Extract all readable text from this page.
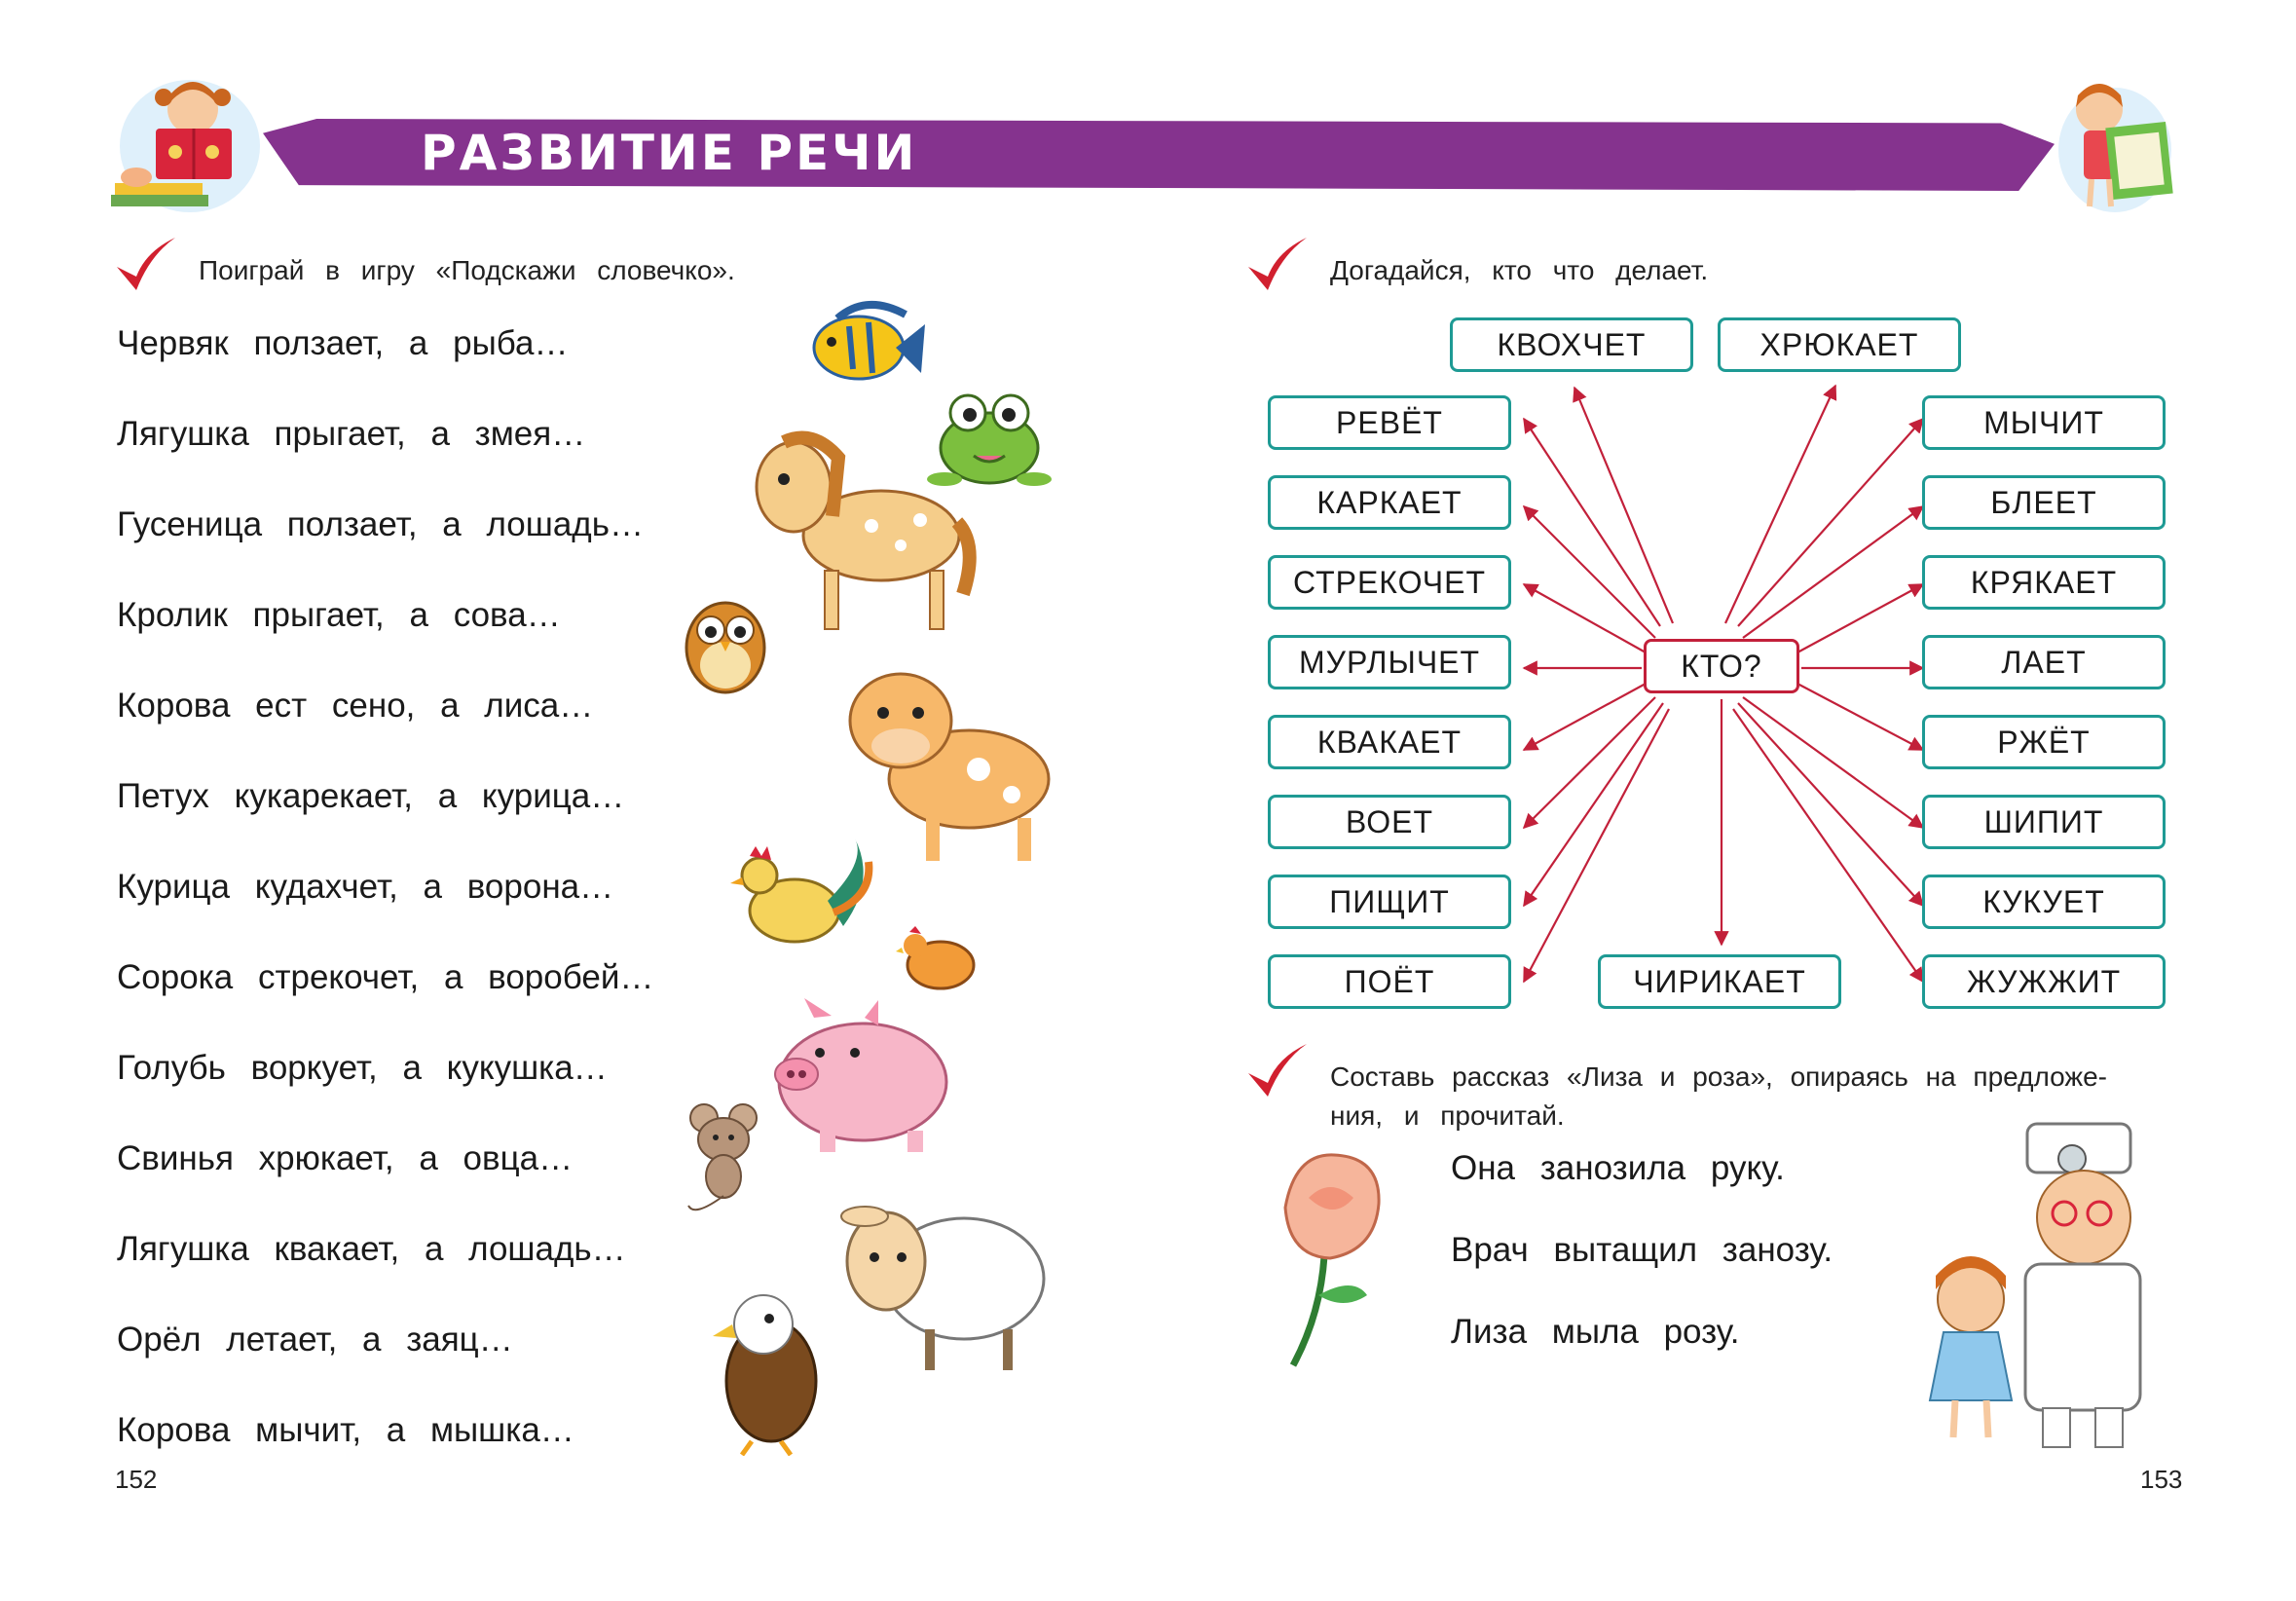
РАЗВИТИЕ РЕЧИ
Поиграй в игру «Подскажи словечко».
Червяк ползает, а рыба…
Лягушка прыгает, а змея…
Гусеница ползает, а лошадь…
Кролик прыгает, а сова…
Корова ест сено, а лиса…
Петух кукарекает, а курица…
Курица кудахчет, а ворона…
Сорока стрекочет, а воробей…
Голубь воркует, а кукушка…
Свинья хрюкает, а овца…
Лягушка квакает, а лошадь…
Орёл летает, а заяц…
Корова мычит, а мышка…
152
Догадайся, кто что делает.
КВОХЧЕТ	ХРЮКАЕТ
РЕВЁТ
КАРКАЕТ
СТРЕКОЧЕТ
МУРЛЫЧЕТ
КВАКАЕТ
ВОЕТ
ПИЩИТ
ПОЁТ
МЫЧИТ
БЛЕЕТ
КРЯКАЕТ
ЛАЕТ
РЖЁТ
ШИПИТ
КУКУЕТ
ЖУЖЖИТ
КТО?
ЧИРИКАЕТ
Составь рассказ «Лиза и роза», опираясь на предложе-
ния, и прочитай.
Она занозила руку.
Врач вытащил занозу.
Лиза мыла розу.
153
